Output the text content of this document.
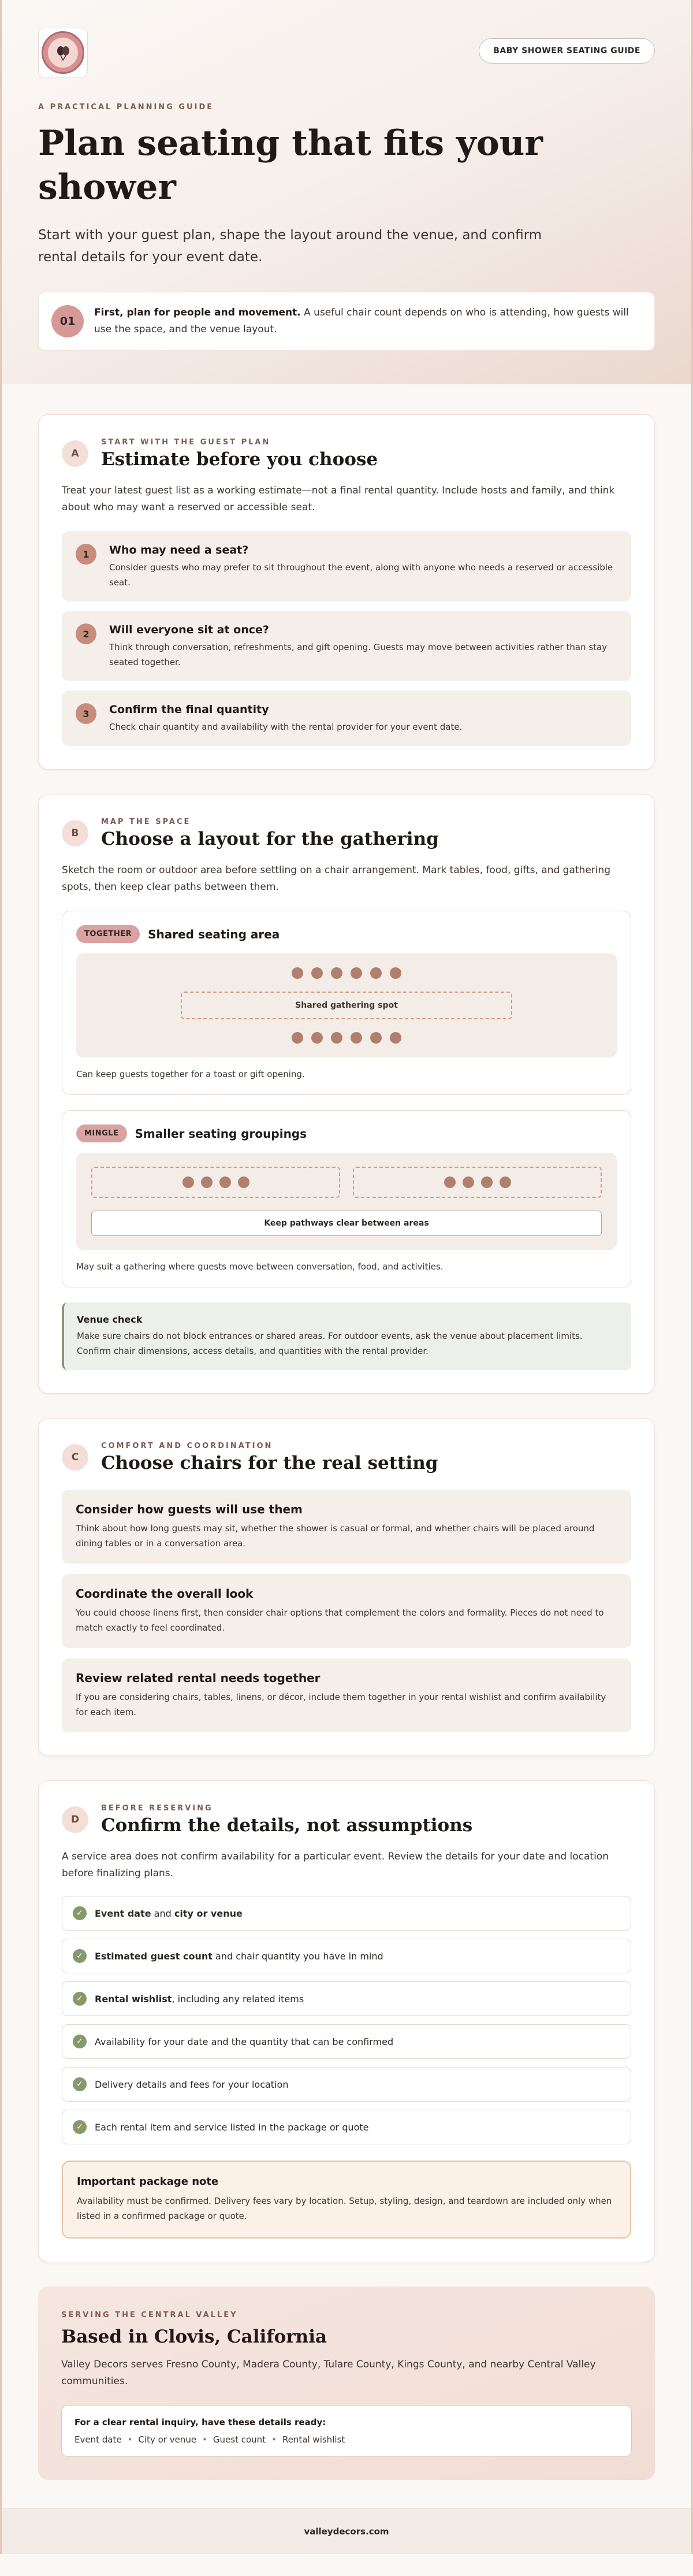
BABY SHOWER SEATING GUIDE
A PRACTICAL PLANNING GUIDE
Plan seating that fits your shower

Start with your guest plan, shape the layout around the venue, and confirm rental details for your event date.

01

First, plan for people and movement. A useful chair count depends on who is attending, how guests will use the space, and the venue layout.

A
START WITH THE GUEST PLAN
Estimate before you choose

Treat your latest guest list as a working estimate—not a final rental quantity. Include hosts and family, and think about who may want a reserved or accessible seat.

1	Who may need a seat?

Consider guests who may prefer to sit throughout the event, along with anyone who needs a reserved or accessible seat.

2	Will everyone sit at once?

Think through conversation, refreshments, and gift opening. Guests may move between activities rather than stay seated together.

3	Confirm the final quantity

Check chair quantity and availability with the rental provider for your event date.

B
MAP THE SPACE
Choose a layout for the gathering

Sketch the room or outdoor area before settling on a chair arrangement. Mark tables, food, gifts, and gathering spots, then keep clear paths between them.

TOGETHER	Shared seating area
Shared gathering spot

Can keep guests together for a toast or gift opening.

MINGLE	Smaller seating groupings
Keep pathways clear between areas

May suit a gathering where guests move between conversation, food, and activities.

Venue check

Make sure chairs do not block entrances or shared areas. For outdoor events, ask the venue about placement limits. Confirm chair dimensions, access details, and quantities with the rental provider.

C
COMFORT AND COORDINATION
Choose chairs for the real setting
Consider how guests will use them

Think about how long guests may sit, whether the shower is casual or formal, and whether chairs will be placed around dining tables or in a conversation area.

Coordinate the overall look

You could choose linens first, then consider chair options that complement the colors and formality. Pieces do not need to match exactly to feel coordinated.

Review related rental needs together

If you are considering chairs, tables, linens, or décor, include them together in your rental wishlist and confirm availability for each item.

D
BEFORE RESERVING
Confirm the details, not assumptions

A service area does not confirm availability for a particular event. Review the details for your date and location before finalizing plans.

✓	Event date and city or venue
✓	Estimated guest count and chair quantity you have in mind
✓	Rental wishlist, including any related items
✓	Availability for your date and the quantity that can be confirmed
✓	Delivery details and fees for your location
✓	Each rental item and service listed in the package or quote
Important package note

Availability must be confirmed. Delivery fees vary by location. Setup, styling, design, and teardown are included only when listed in a confirmed package or quote.

SERVING THE CENTRAL VALLEY
Based in Clovis, California

Valley Decors serves Fresno County, Madera County, Tulare County, Kings County, and nearby Central Valley communities.

For a clear rental inquiry, have these details ready:
Event date • City or venue • Guest count • Rental wishlist
valleydecors.com
